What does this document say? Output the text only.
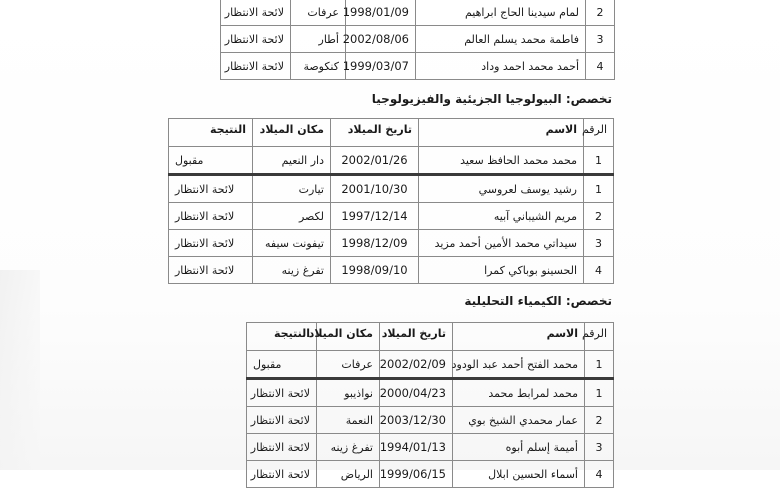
2	لمام سيدينا الحاج ابراهيم	1998/01/09	عرفات	لائحة الانتظار
3	فاطمة محمد يسلم العالم	2002/08/06	أطار	لائحة الانتظار
4	أحمد محمد احمد وداد	1999/03/07	كنكوصة	لائحة الانتظار
تخصص: البيولوجيا الجزيئية والفيزيولوجيا
الرقم	الاسم	تاريخ الميلاد	مكان الميلاد	النتيجة
1	محمد محمد الحافظ سعيد	2002/01/26	دار النعيم	مقبول
1	رشيد يوسف لعروسي	2001/10/30	تيارت	لائحة الانتظار
2	مريم الشيباني آبيه	1997/12/14	لكصر	لائحة الانتظار
3	سيداتي محمد الأمين أحمد مزيد	1998/12/09	تيفونت سيفه	لائحة الانتظار
4	الحسينو بوباكي كمرا	1998/09/10	تفرغ زينه	لائحة الانتظار
تخصص: الكيمياء التحليلية
الرقم	الاسم	تاريخ الميلاد	مكان الميلاد	النتيجة
1	محمد الفتح أحمد عبد الودود	2002/02/09	عرفات	مقبول
1	محمد لمرابط محمد	2000/04/23	نواذيبو	لائحة الانتظار
2	عمار محمدي الشيخ بوي	2003/12/30	النعمة	لائحة الانتظار
3	أميمة إسلم أبوه	1994/01/13	تفرغ زينه	لائحة الانتظار
4	أسماء الحسين ابلال	1999/06/15	الرياض	لائحة الانتظار
